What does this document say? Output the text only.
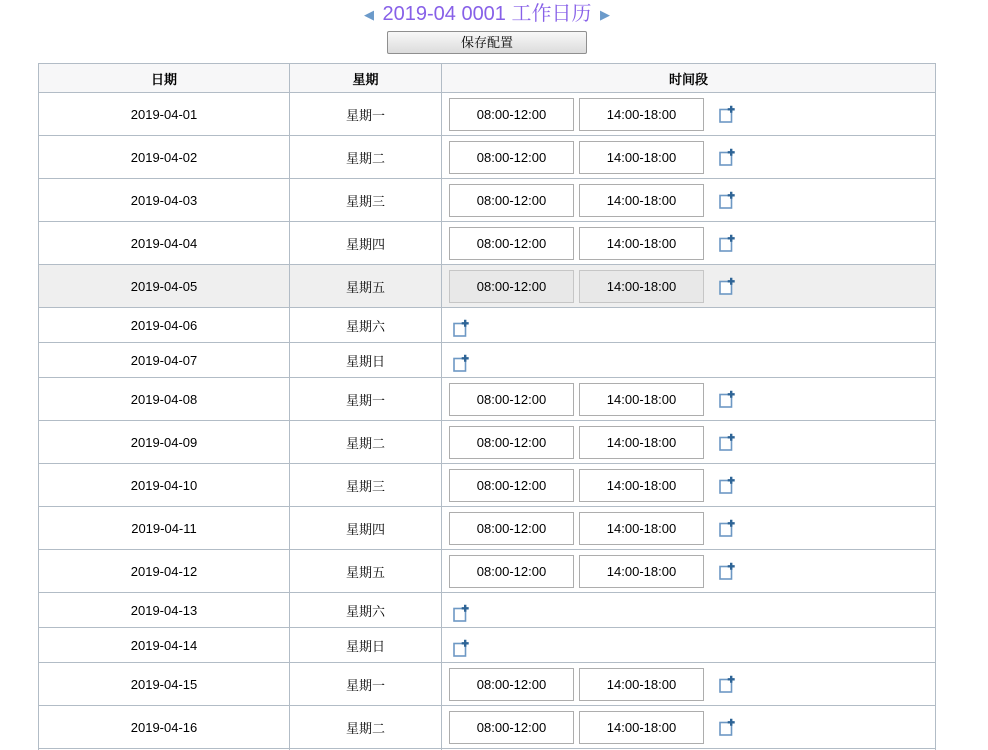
◀ 2019-04 0001 工作日历 ▶
保存配置
日期	星期	时间段
2019-04-01	星期一	08:00-12:00	14:00-18:00
2019-04-02	星期二	08:00-12:00	14:00-18:00
2019-04-03	星期三	08:00-12:00	14:00-18:00
2019-04-04	星期四	08:00-12:00	14:00-18:00
2019-04-05	星期五	08:00-12:00	14:00-18:00
2019-04-06	星期六
2019-04-07	星期日
2019-04-08	星期一	08:00-12:00	14:00-18:00
2019-04-09	星期二	08:00-12:00	14:00-18:00
2019-04-10	星期三	08:00-12:00	14:00-18:00
2019-04-11	星期四	08:00-12:00	14:00-18:00
2019-04-12	星期五	08:00-12:00	14:00-18:00
2019-04-13	星期六
2019-04-14	星期日
2019-04-15	星期一	08:00-12:00	14:00-18:00
2019-04-16	星期二	08:00-12:00	14:00-18:00
